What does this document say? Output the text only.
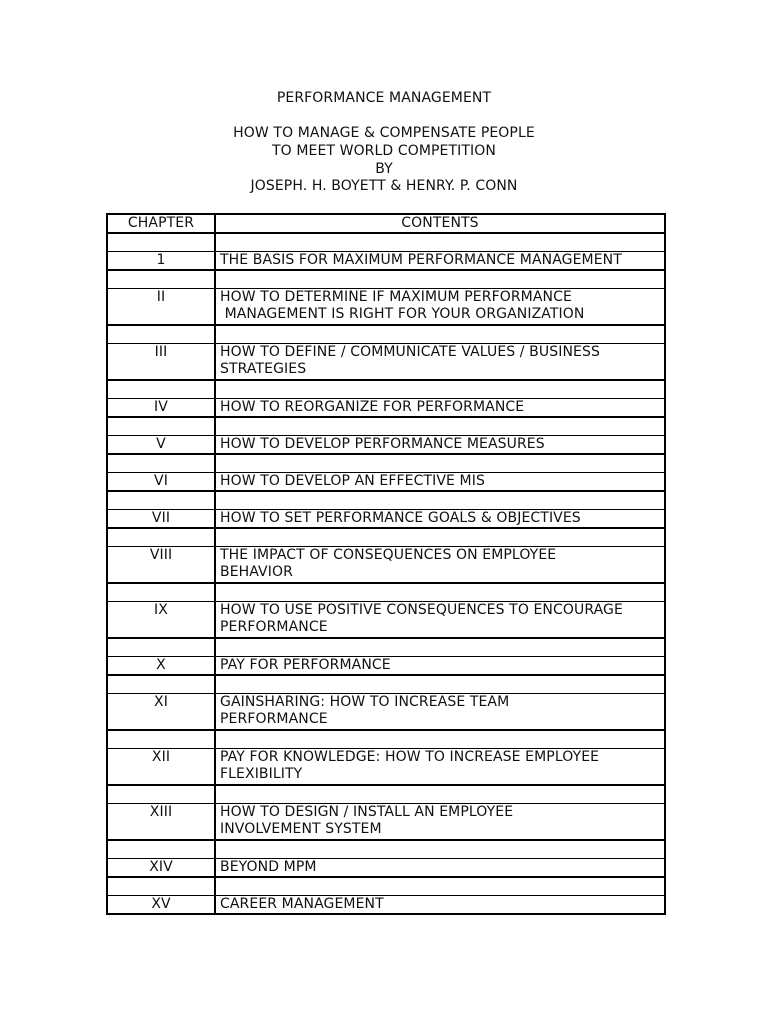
PERFORMANCE MANAGEMENT
HOW TO MANAGE & COMPENSATE PEOPLE
TO MEET WORLD COMPETITION
BY
JOSEPH. H. BOYETT & HENRY. P. CONN
CHAPTER	CONTENTS

1	THE BASIS FOR MAXIMUM PERFORMANCE MANAGEMENT

II	HOW TO DETERMINE IF MAXIMUM PERFORMANCE
MANAGEMENT IS RIGHT FOR YOUR ORGANIZATION

III	HOW TO DEFINE / COMMUNICATE VALUES / BUSINESS
STRATEGIES

IV	HOW TO REORGANIZE FOR PERFORMANCE

V	HOW TO DEVELOP PERFORMANCE MEASURES

VI	HOW TO DEVELOP AN EFFECTIVE MIS

VII	HOW TO SET PERFORMANCE GOALS & OBJECTIVES

VIII	THE IMPACT OF CONSEQUENCES ON EMPLOYEE
BEHAVIOR

IX	HOW TO USE POSITIVE CONSEQUENCES TO ENCOURAGE
PERFORMANCE

X	PAY FOR PERFORMANCE

XI	GAINSHARING: HOW TO INCREASE TEAM
PERFORMANCE

XII	PAY FOR KNOWLEDGE: HOW TO INCREASE EMPLOYEE
FLEXIBILITY

XIII	HOW TO DESIGN / INSTALL AN EMPLOYEE
INVOLVEMENT SYSTEM

XIV	BEYOND MPM

XV	CAREER MANAGEMENT
